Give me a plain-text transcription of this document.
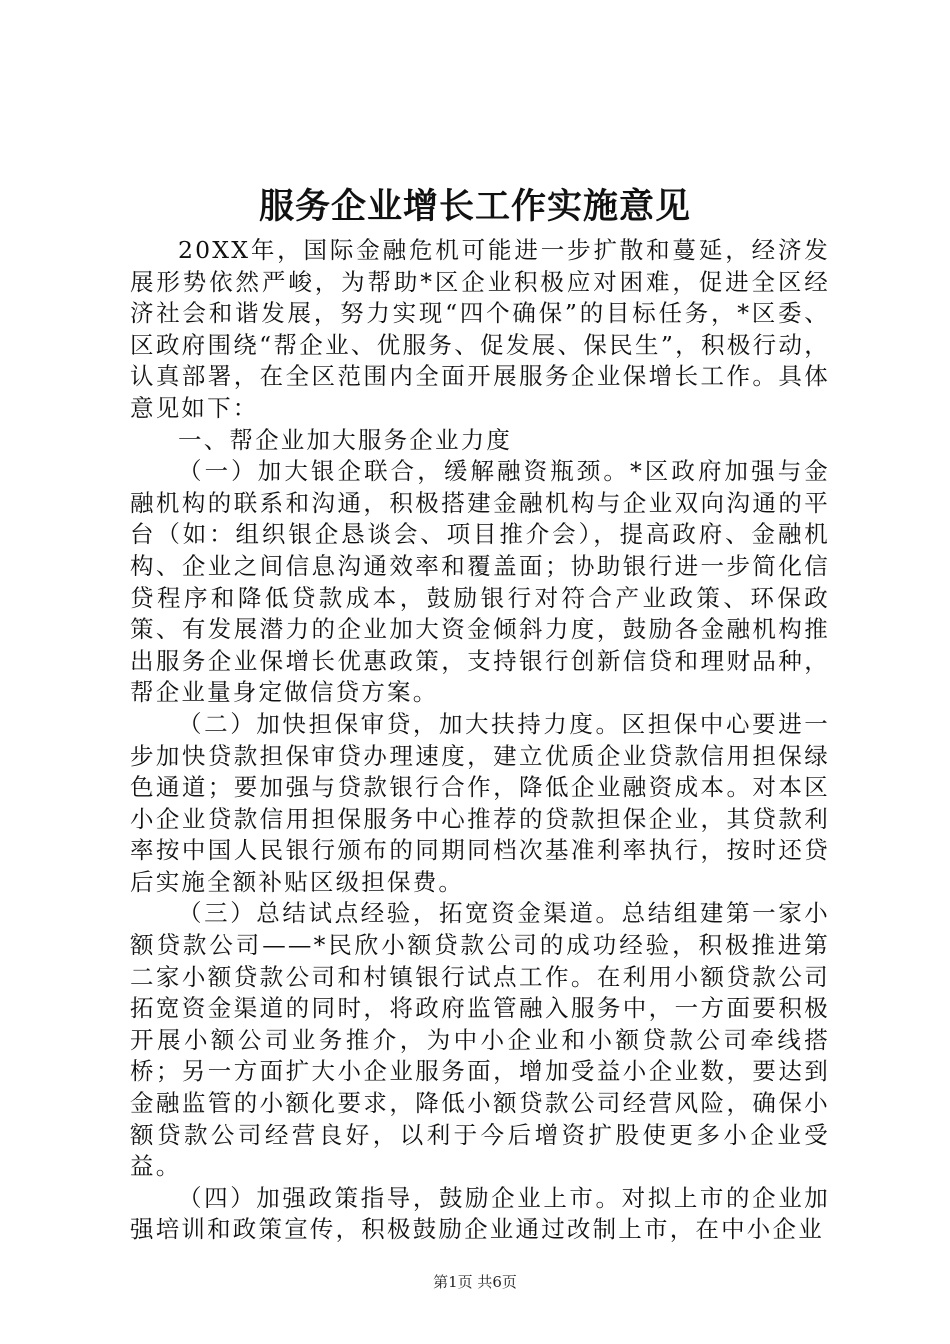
服务企业增长工作实施意见

20XX年，国际金融危机可能进一步扩散和蔓延，经济发展形势依然严峻，为帮助*区企业积极应对困难，促进全区经济社会和谐发展，努力实现“四个确保”的目标任务，*区委、区政府围绕“帮企业、优服务、促发展、保民生”，积极行动，认真部署，在全区范围内全面开展服务企业保增长工作。具体意见如下：

一、帮企业加大服务企业力度

（一）加大银企联合，缓解融资瓶颈。*区政府加强与金融机构的联系和沟通，积极搭建金融机构与企业双向沟通的平台（如：组织银企恳谈会、项目推介会），提高政府、金融机构、企业之间信息沟通效率和覆盖面；协助银行进一步简化信贷程序和降低贷款成本，鼓励银行对符合产业政策、环保政策、有发展潜力的企业加大资金倾斜力度，鼓励各金融机构推出服务企业保增长优惠政策，支持银行创新信贷和理财品种，帮企业量身定做信贷方案。

（二）加快担保审贷，加大扶持力度。区担保中心要进一步加快贷款担保审贷办理速度，建立优质企业贷款信用担保绿色通道；要加强与贷款银行合作，降低企业融资成本。对本区小企业贷款信用担保服务中心推荐的贷款担保企业，其贷款利率按中国人民银行颁布的同期同档次基准利率执行，按时还贷后实施全额补贴区级担保费。

（三）总结试点经验，拓宽资金渠道。总结组建第一家小额贷款公司——*民欣小额贷款公司的成功经验，积极推进第二家小额贷款公司和村镇银行试点工作。在利用小额贷款公司拓宽资金渠道的同时，将政府监管融入服务中，一方面要积极开展小额公司业务推介，为中小企业和小额贷款公司牵线搭桥；另一方面扩大小企业服务面，增加受益小企业数，要达到金融监管的小额化要求，降低小额贷款公司经营风险，确保小额贷款公司经营良好，以利于今后增资扩股使更多小企业受益。

（四）加强政策指导，鼓励企业上市。对拟上市的企业加强培训和政策宣传，积极鼓励企业通过改制上市，在中小企业

第1页 共6页
